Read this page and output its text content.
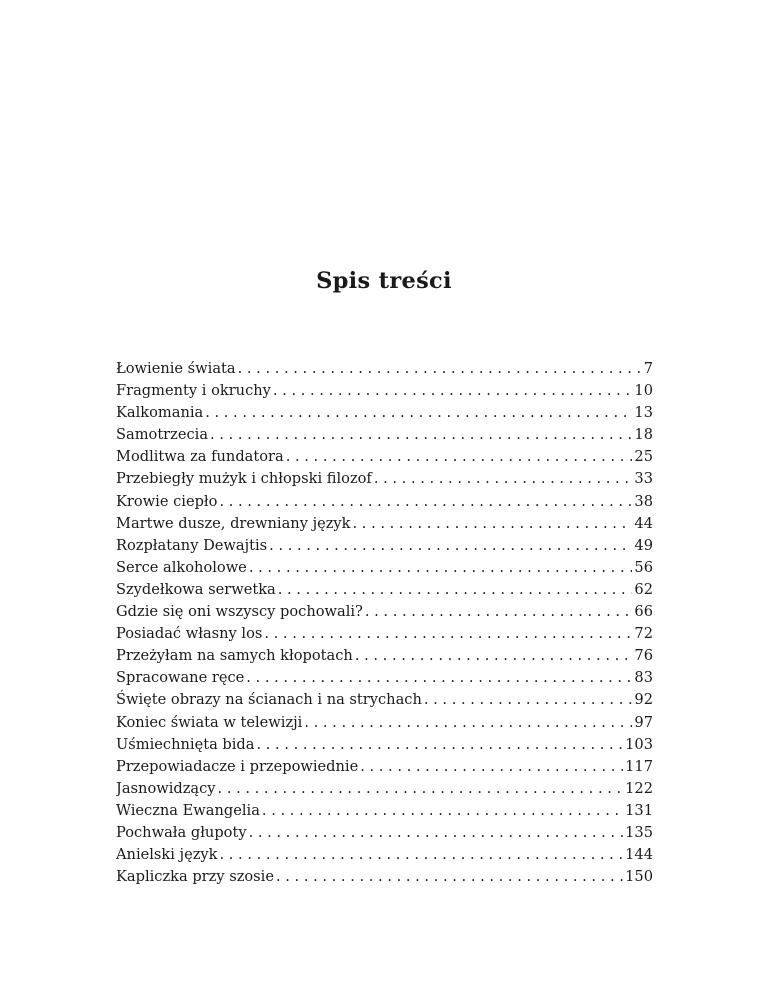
Spis treści
Łowienie świata . . .	7
Fragmenty i okruchy . . .	10
Kalkomania . . .	13
Samotrzecia . . .	18
Modlitwa za fundatora . . .	25
Przebiegły mużyk i chłopski filozof . . .	33
Krowie ciepło . . .	38
Martwe dusze, drewniany język . . .	44
Rozpłatany Dewajtis . . .	49
Serce alkoholowe . . .	56
Szydełkowa serwetka . . .	62
Gdzie się oni wszyscy pochowali? . . .	66
Posiadać własny los . . .	72
Przeżyłam na samych kłopotach . . .	76
Spracowane ręce . . .	83
Święte obrazy na ścianach i na strychach . . .	92
Koniec świata w telewizji . . .	97
Uśmiechnięta bida . . .	103
Przepowiadacze i przepowiednie . . .	117
Jasnowidzący . . .	122
Wieczna Ewangelia . . .	131
Pochwała głupoty . . .	135
Anielski język . . .	144
Kapliczka przy szosie . . .	150
